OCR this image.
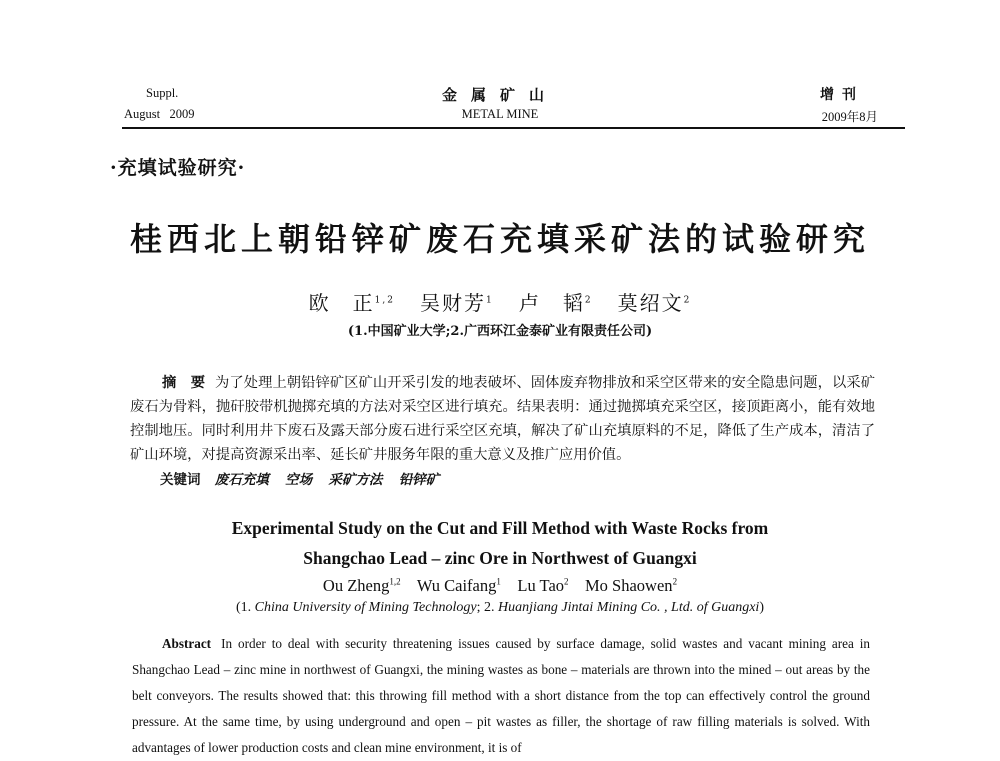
Suppl.
August   2009
金属矿山
METAL MINE
增刊
2009年8月
·充填试验研究·
桂西北上朝铅锌矿废石充填采矿法的试验研究
欧　正$^{1,2}$ 吴财芳$^1$ 卢　韬$^2$ 莫绍文$^2$
(1.中国矿业大学;2.广西环江金泰矿业有限责任公司)
摘　要 为了处理上朝铅锌矿区矿山开采引发的地表破坏、固体废弃物排放和采空区带来的安全隐患问题，以采矿废石为骨料，抛矸胶带机抛掷充填的方法对采空区进行填充。结果表明：通过抛掷填充采空区，接顶距离小，能有效地控制地压。同时利用井下废石及露天部分废石进行采空区充填，解决了矿山充填原料的不足，降低了生产成本，清洁了矿山环境，对提高资源采出率、延长矿井服务年限的重大意义及推广应用价值。
关键词 废石充填 空场 采矿方法 铅锌矿
Experimental Study on the Cut and Fill Method with Waste Rocks from
Shangchao Lead – zinc Ore in Northwest of Guangxi
Ou Zheng$^{1,2}$ Wu Caifang$^1$ Lu Tao$^2$ Mo Shaowen$^2$
(1. China University of Mining Technology; 2. Huanjiang Jintai Mining Co. , Ltd. of Guangxi)
Abstract In order to deal with security threatening issues caused by surface damage, solid wastes and vacant mining area in Shangchao Lead – zinc mine in northwest of Guangxi, the mining wastes as bone – materials are thrown into the mined – out areas by the belt conveyors. The results showed that: this throwing fill method with a short distance from the top can effectively control the ground pressure. At the same time, by using underground and open – pit wastes as filler, the shortage of raw filling materials is solved. With advantages of lower production costs and clean mine environment, it is of
